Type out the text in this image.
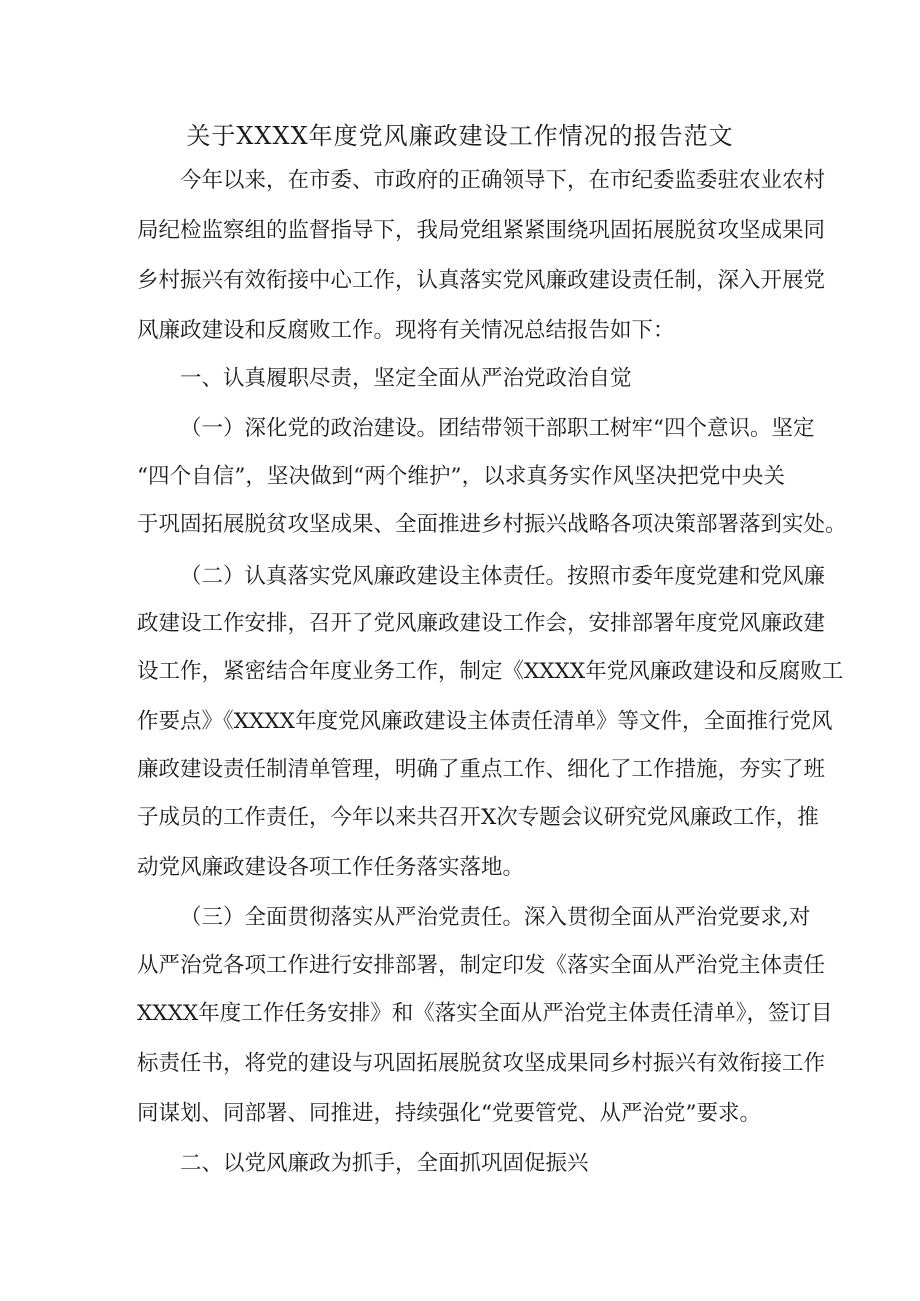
关于XXXX年度党风廉政建设工作情况的报告范文
今年以来，在市委、市政府的正确领导下，在市纪委监委驻农业农村
局纪检监察组的监督指导下，我局党组紧紧围绕巩固拓展脱贫攻坚成果同
乡村振兴有效衔接中心工作，认真落实党风廉政建设责任制，深入开展党
风廉政建设和反腐败工作。现将有关情况总结报告如下：
一、认真履职尽责，坚定全面从严治党政治自觉
（一）深化党的政治建设。团结带领干部职工树牢“四个意识。坚定
“四个自信”，坚决做到“两个维护”，以求真务实作风坚决把党中央关
于巩固拓展脱贫攻坚成果、全面推进乡村振兴战略各项决策部署落到实处。
（二）认真落实党风廉政建设主体责任。按照市委年度党建和党风廉
政建设工作安排，召开了党风廉政建设工作会，安排部署年度党风廉政建
设工作，紧密结合年度业务工作，制定《XXXX年党风廉政建设和反腐败工
作要点》《XXXX年度党风廉政建设主体责任清单》等文件，全面推行党风
廉政建设责任制清单管理，明确了重点工作、细化了工作措施，夯实了班
子成员的工作责任，今年以来共召开X次专题会议研究党风廉政工作，推
动党风廉政建设各项工作任务落实落地。
（三）全面贯彻落实从严治党责任。深入贯彻全面从严治党要求,对
从严治党各项工作进行安排部署，制定印发《落实全面从严治党主体责任
XXXX年度工作任务安排》和《落实全面从严治党主体责任清单》，签订目
标责任书，将党的建设与巩固拓展脱贫攻坚成果同乡村振兴有效衔接工作
同谋划、同部署、同推进，持续强化“党要管党、从严治党”要求。
二、以党风廉政为抓手，全面抓巩固促振兴
